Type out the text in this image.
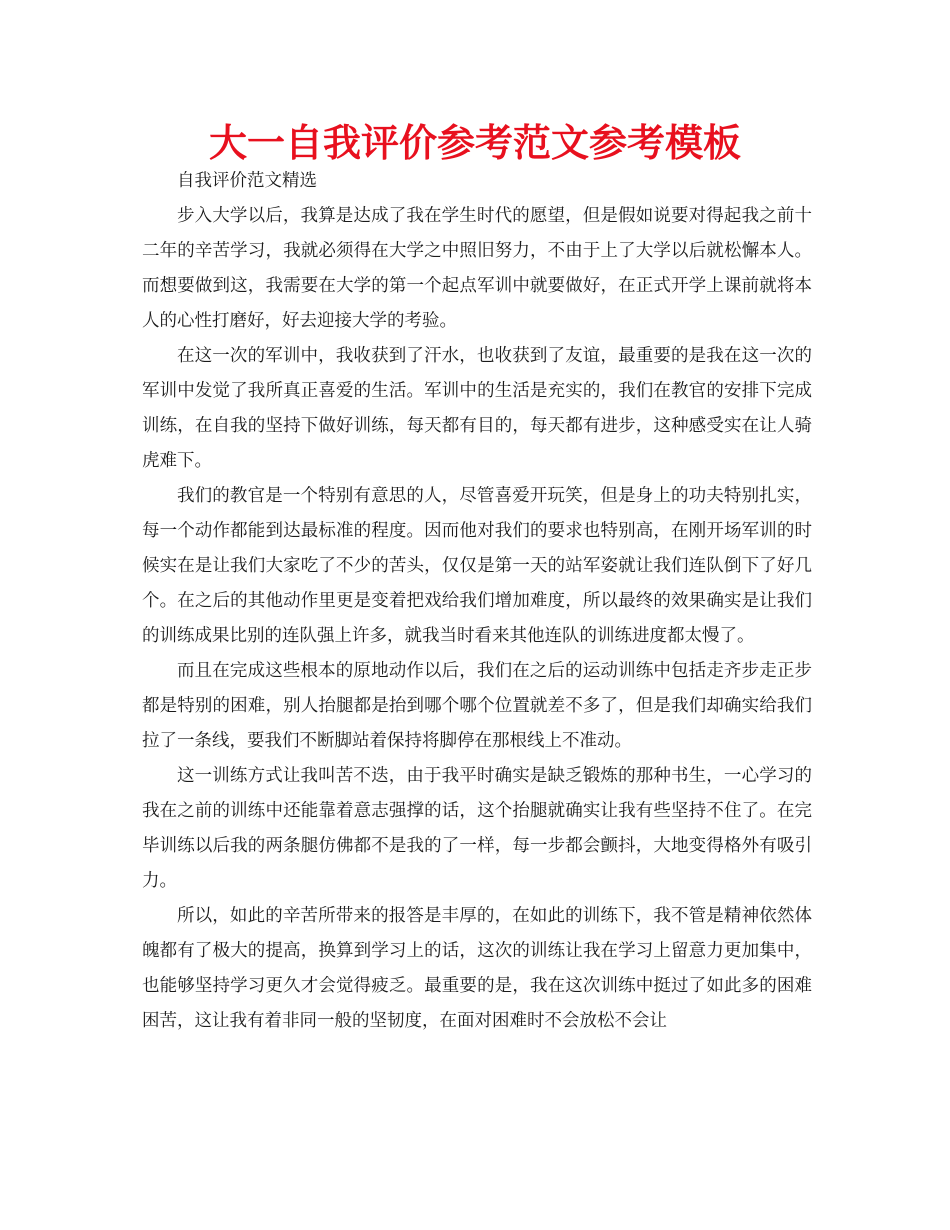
大一自我评价参考范文参考模板

自我评价范文精选

步入大学以后，我算是达成了我在学生时代的愿望，但是假如说要对得起我之前十二年的辛苦学习，我就必须得在大学之中照旧努力，不由于上了大学以后就松懈本人。而想要做到这，我需要在大学的第一个起点军训中就要做好，在正式开学上课前就将本人的心性打磨好，好去迎接大学的考验。

在这一次的军训中，我收获到了汗水，也收获到了友谊，最重要的是我在这一次的军训中发觉了我所真正喜爱的生活。军训中的生活是充实的，我们在教官的安排下完成训练，在自我的坚持下做好训练，每天都有目的，每天都有进步，这种感受实在让人骑虎难下。

我们的教官是一个特别有意思的人，尽管喜爱开玩笑，但是身上的功夫特别扎实，每一个动作都能到达最标准的程度。因而他对我们的要求也特别高，在刚开场军训的时候实在是让我们大家吃了不少的苦头，仅仅是第一天的站军姿就让我们连队倒下了好几个。在之后的其他动作里更是变着把戏给我们增加难度，所以最终的效果确实是让我们的训练成果比别的连队强上许多，就我当时看来其他连队的训练进度都太慢了。

而且在完成这些根本的原地动作以后，我们在之后的运动训练中包括走齐步走正步都是特别的困难，别人抬腿都是抬到哪个哪个位置就差不多了，但是我们却确实给我们拉了一条线，要我们不断脚站着保持将脚停在那根线上不准动。

这一训练方式让我叫苦不迭，由于我平时确实是缺乏锻炼的那种书生，一心学习的我在之前的训练中还能靠着意志强撑的话，这个抬腿就确实让我有些坚持不住了。在完毕训练以后我的两条腿仿佛都不是我的了一样，每一步都会颤抖，大地变得格外有吸引力。

所以，如此的辛苦所带来的报答是丰厚的，在如此的训练下，我不管是精神依然体魄都有了极大的提高，换算到学习上的话，这次的训练让我在学习上留意力更加集中，也能够坚持学习更久才会觉得疲乏。最重要的是，我在这次训练中挺过了如此多的困难困苦，这让我有着非同一般的坚韧度，在面对困难时不会放松不会让
